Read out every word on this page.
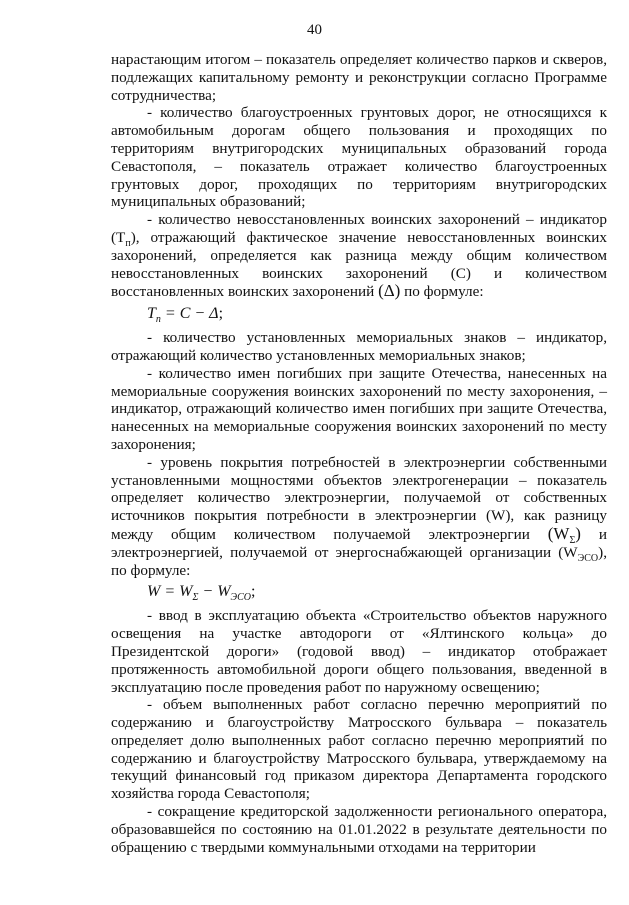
40

нарастающим итогом – показатель определяет количество парков и скверов, подлежащих капитальному ремонту и реконструкции согласно Программе сотрудничества;

- количество благоустроенных грунтовых дорог, не относящихся к автомобильным дорогам общего пользования и проходящих по территориям внутригородских муниципальных образований города Севастополя, – показатель отражает количество благоустроенных грунтовых дорог, проходящих по территориям внутригородских муниципальных образований;

- количество невосстановленных воинских захоронений – индикатор $(Т_п)$, отражающий фактическое значение невосстановленных воинских захоронений, определяется как разница между общим количеством невосстановленных воинских захоронений (С) и количеством восстановленных воинских захоронений (Δ) по формуле:

$T_п = C - \Delta$;

- количество установленных мемориальных знаков – индикатор, отражающий количество установленных мемориальных знаков;

- количество имен погибших при защите Отечества, нанесенных на мемориальные сооружения воинских захоронений по месту захоронения, – индикатор, отражающий количество имен погибших при защите Отечества, нанесенных на мемориальные сооружения воинских захоронений по месту захоронения;

- уровень покрытия потребностей в электроэнергии собственными установленными мощностями объектов электрогенерации – показатель определяет количество электроэнергии, получаемой от собственных источников покрытия потребности в электроэнергии (W), как разницу между общим количеством получаемой электроэнергии $(W_\Sigma)$ и электроэнергией, получаемой от энергоснабжающей организации $(W_{ЭСО})$, по формуле:

$W = W_\Sigma - W_{ЭСО}$;

- ввод в эксплуатацию объекта «Строительство объектов наружного освещения на участке автодороги от «Ялтинского кольца» до Президентской дороги» (годовой ввод) – индикатор отображает протяженность автомобильной дороги общего пользования, введенной в эксплуатацию после проведения работ по наружному освещению;

- объем выполненных работ согласно перечню мероприятий по содержанию и благоустройству Матросского бульвара – показатель определяет долю выполненных работ согласно перечню мероприятий по содержанию и благоустройству Матросского бульвара, утверждаемому на текущий финансовый год приказом директора Департамента городского хозяйства города Севастополя;

- сокращение кредиторской задолженности регионального оператора, образовавшейся по состоянию на 01.01.2022 в результате деятельности по обращению с твердыми коммунальными отходами на территории
